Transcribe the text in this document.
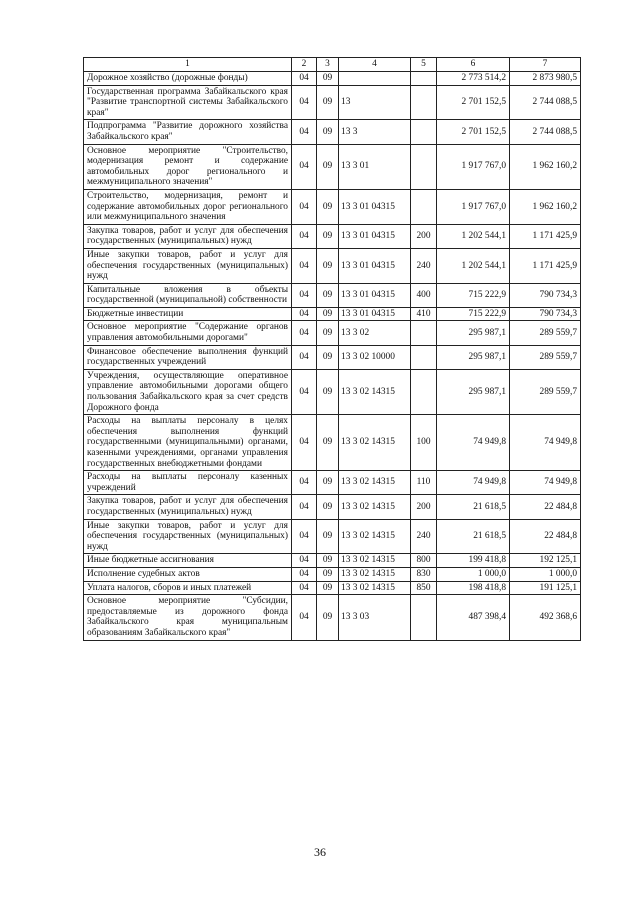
1	2	3	4	5	6	7
Дорожное хозяйство (дорожные фонды)	04	09			2 773 514,2	2 873 980,5
Государственная программа Забайкальского края "Развитие транспортной системы Забайкальского края"	04	09	13		2 701 152,5	2 744 088,5
Подпрограмма "Развитие дорожного хозяйства Забайкальского края"	04	09	13 3		2 701 152,5	2 744 088,5
Основное мероприятие "Строительство, модернизация ремонт и содержание автомобильных дорог регионального и межмуниципального значения"	04	09	13 3 01		1 917 767,0	1 962 160,2
Строительство, модернизация, ремонт и содержание автомобильных дорог регионального или межмуниципального значения	04	09	13 3 01 04315		1 917 767,0	1 962 160,2
Закупка товаров, работ и услуг для обеспечения государственных (муниципальных) нужд	04	09	13 3 01 04315	200	1 202 544,1	1 171 425,9
Иные закупки товаров, работ и услуг для обеспечения государственных (муниципальных) нужд	04	09	13 3 01 04315	240	1 202 544,1	1 171 425,9
Капитальные вложения в объекты государственной (муниципальной) собственности	04	09	13 3 01 04315	400	715 222,9	790 734,3
Бюджетные инвестиции	04	09	13 3 01 04315	410	715 222,9	790 734,3
Основное мероприятие "Содержание органов управления автомобильными дорогами"	04	09	13 3 02		295 987,1	289 559,7
Финансовое обеспечение выполнения функций государственных учреждений	04	09	13 3 02 10000		295 987,1	289 559,7
Учреждения, осуществляющие оперативное управление автомобильными дорогами общего пользования Забайкальского края за счет средств Дорожного фонда	04	09	13 3 02 14315		295 987,1	289 559,7
Расходы на выплаты персоналу в целях обеспечения выполнения функций государственными (муниципальными) органами, казенными учреждениями, органами управления государственных внебюджетными фондами	04	09	13 3 02 14315	100	74 949,8	74 949,8
Расходы на выплаты персоналу казенных учреждений	04	09	13 3 02 14315	110	74 949,8	74 949,8
Закупка товаров, работ и услуг для обеспечения государственных (муниципальных) нужд	04	09	13 3 02 14315	200	21 618,5	22 484,8
Иные закупки товаров, работ и услуг для обеспечения государственных (муниципальных) нужд	04	09	13 3 02 14315	240	21 618,5	22 484,8
Иные бюджетные ассигнования	04	09	13 3 02 14315	800	199 418,8	192 125,1
Исполнение судебных актов	04	09	13 3 02 14315	830	1 000,0	1 000,0
Уплата налогов, сборов и иных платежей	04	09	13 3 02 14315	850	198 418,8	191 125,1
Основное мероприятие "Субсидии, предоставляемые из дорожного фонда Забайкальского края муниципальным образованиям Забайкальского края"	04	09	13 3 03		487 398,4	492 368,6
36
